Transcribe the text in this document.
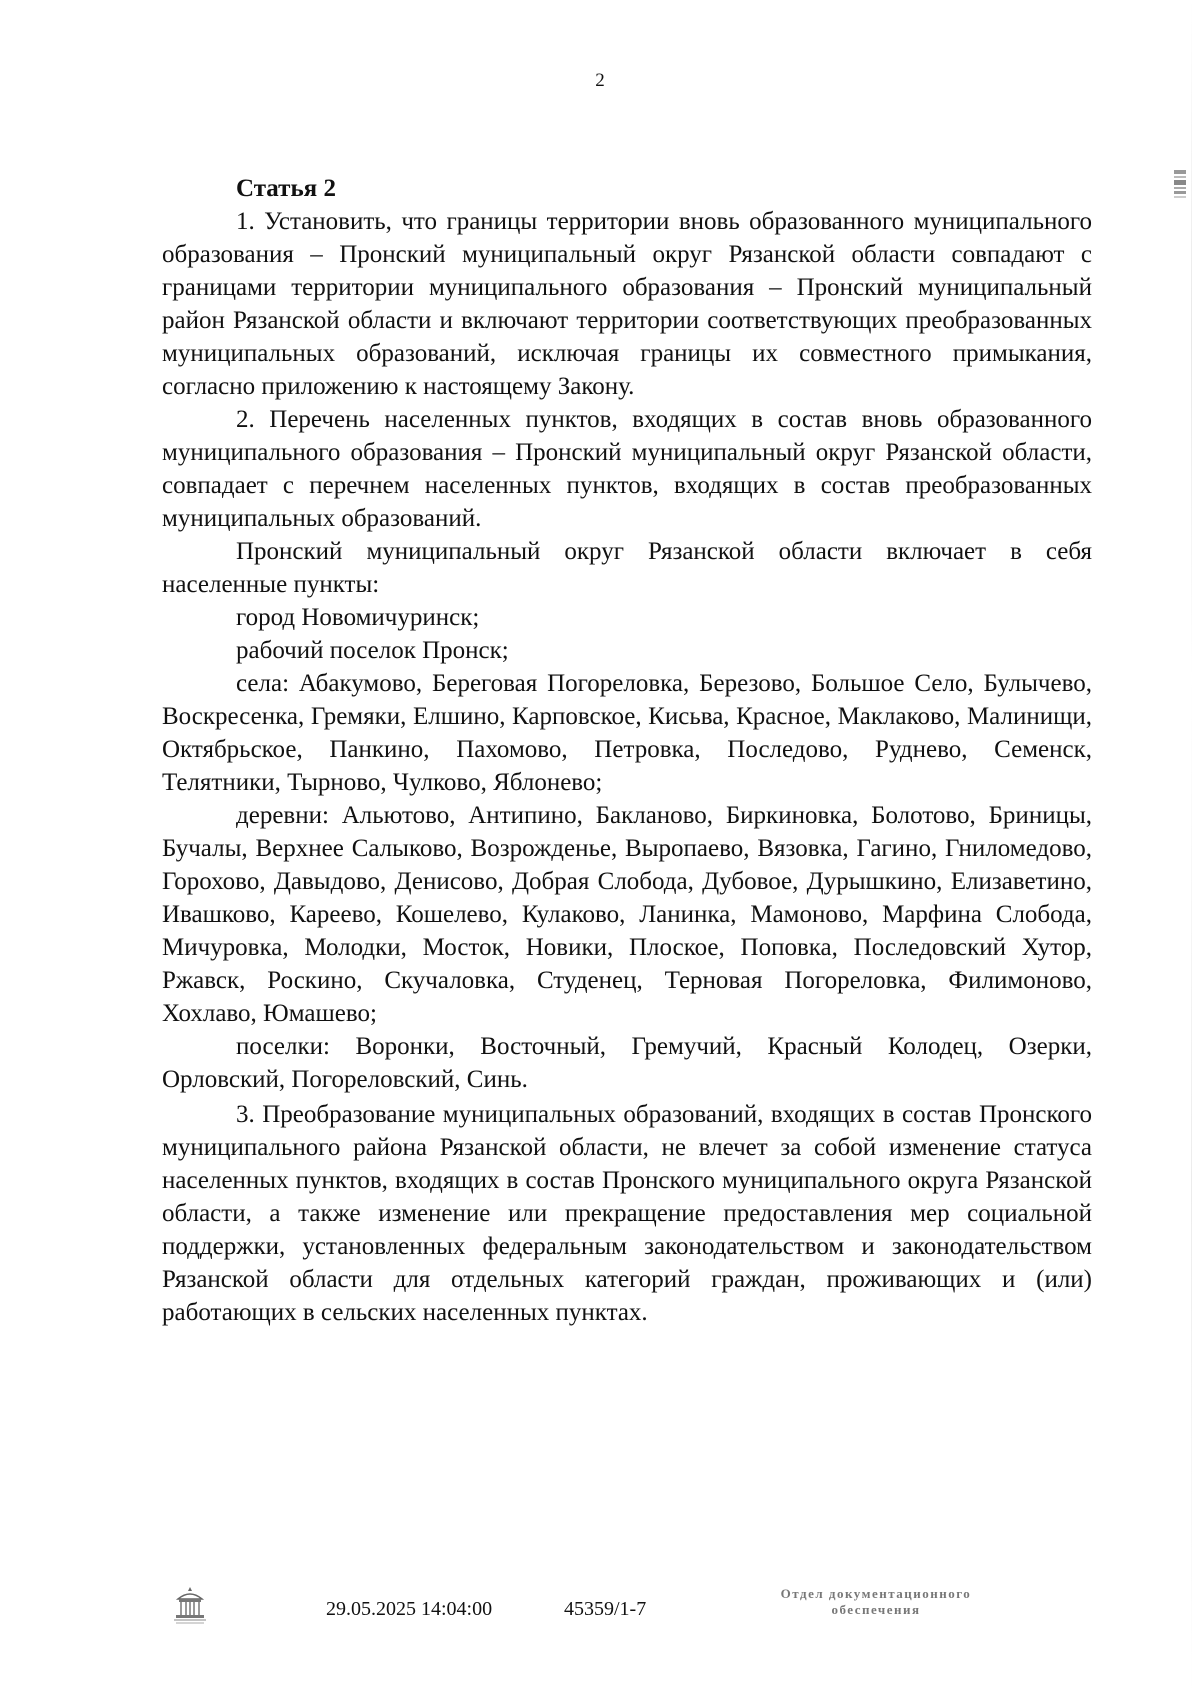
2

Статья 2

1. Установить, что границы территории вновь образованного муниципального образования – Пронский муниципальный округ Рязанской области совпадают с границами территории муниципального образования – Пронский муниципальный район Рязанской области и включают территории соответствующих преобразованных муниципальных образований, исключая границы их совместного примыкания, согласно приложению к настоящему Закону.

2. Перечень населенных пунктов, входящих в состав вновь образованного муниципального образования – Пронский муниципальный округ Рязанской области, совпадает с перечнем населенных пунктов, входящих в состав преобразованных муниципальных образований.

Пронский муниципальный округ Рязанской области включает в себя населенные пункты:

город Новомичуринск;

рабочий поселок Пронск;

села: Абакумово, Береговая Погореловка, Березово, Большое Село, Булычево, Воскресенка, Гремяки, Елшино, Карповское, Кисьва, Красное, Маклаково, Малинищи, Октябрьское, Панкино, Пахомово, Петровка, Последово, Руднево, Семенск, Телятники, Тырново, Чулково, Яблонево;

деревни: Альютово, Антипино, Бакланово, Биркиновка, Болотово, Бриницы, Бучалы, Верхнее Салыково, Возрожденье, Выропаево, Вязовка, Гагино, Гниломедово, Горохово, Давыдово, Денисово, Добрая Слобода, Дубовое, Дурышкино, Елизаветино, Ивашково, Кареево, Кошелево, Кулаково, Ланинка, Мамоново, Марфина Слобода, Мичуровка, Молодки, Мосток, Новики, Плоское, Поповка, Последовский Хутор, Ржавск, Роскино, Скучаловка, Студенец, Терновая Погореловка, Филимоново, Хохлаво, Юмашево;

поселки: Воронки, Восточный, Гремучий, Красный Колодец, Озерки, Орловский, Погореловский, Синь.

3. Преобразование муниципальных образований, входящих в состав Пронского муниципального района Рязанской области, не влечет за собой изменение статуса населенных пунктов, входящих в состав Пронского муниципального округа Рязанской области, а также изменение или прекращение предоставления мер социальной поддержки, установленных федеральным законодательством и законодательством Рязанской области для отдельных категорий граждан, проживающих и (или) работающих в сельских населенных пунктах.

29.05.2025 14:04:00	45359/1-7
Отдел документационного
обеспечения
